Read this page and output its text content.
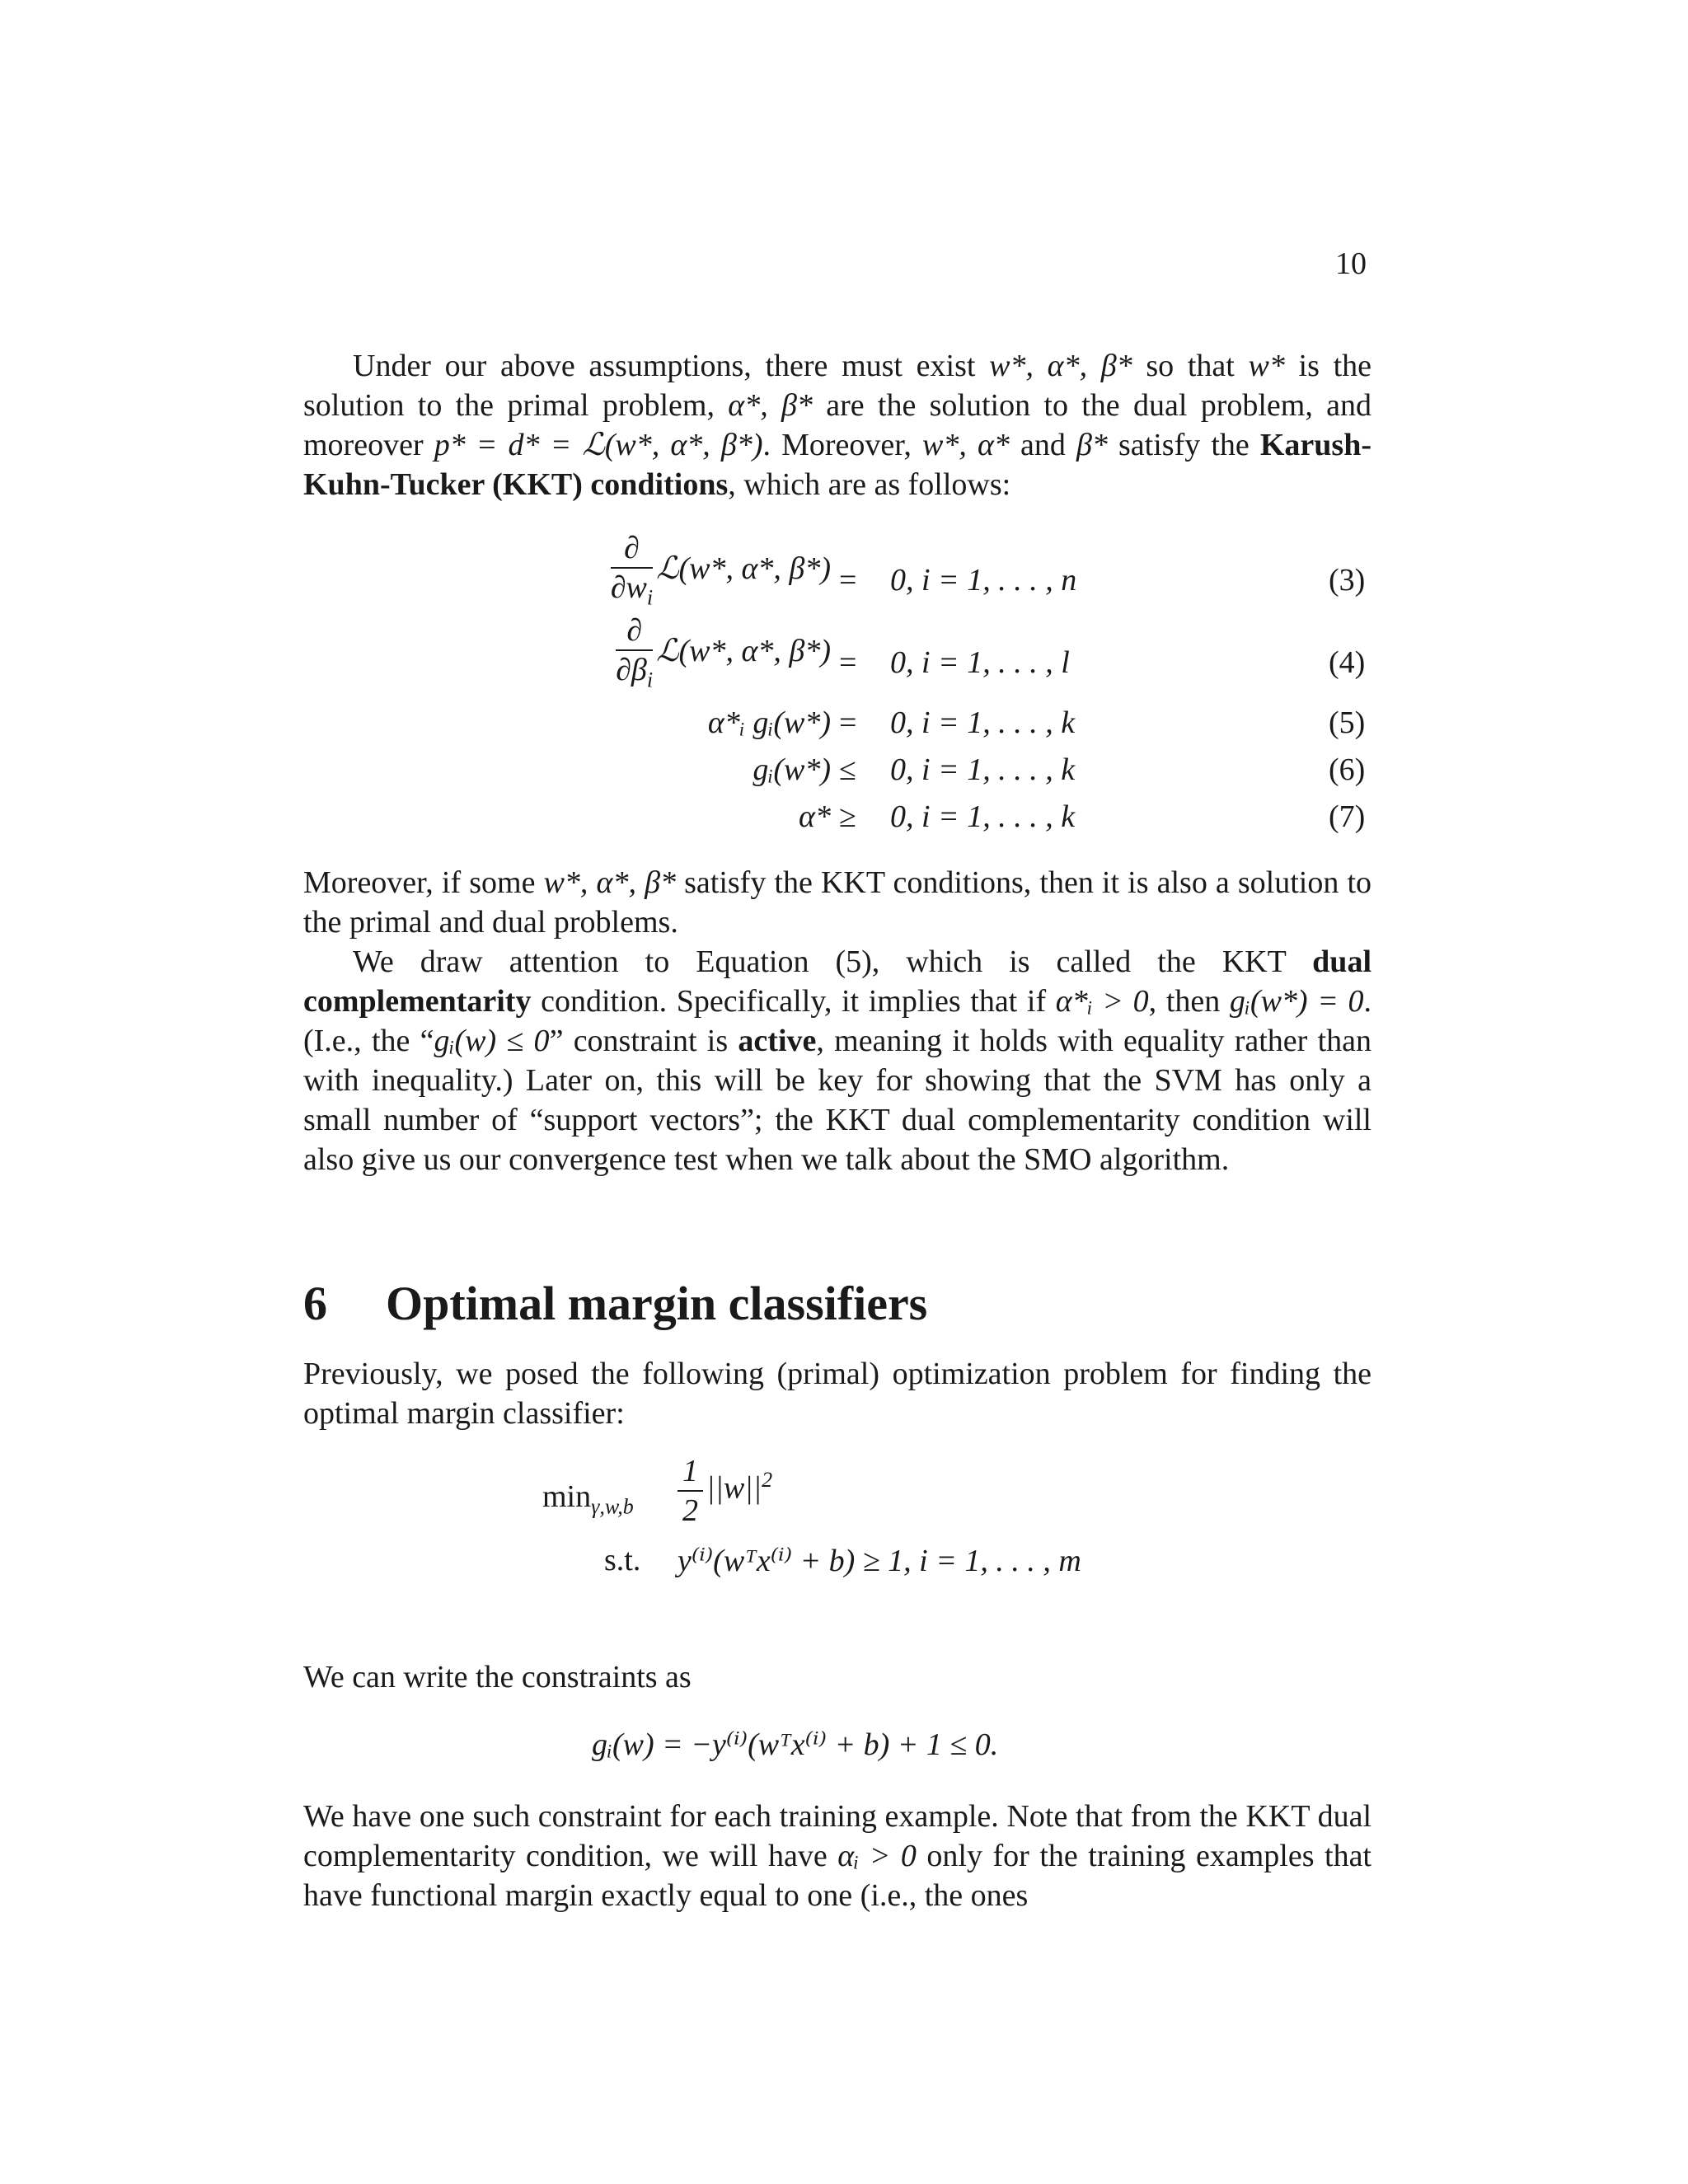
10
Under our above assumptions, there must exist w*, α*, β* so that w* is the solution to the primal problem, α*, β* are the solution to the dual problem, and moreover p* = d* = ℒ(w*, α*, β*). Moreover, w*, α* and β* satisfy the Karush-Kuhn-Tucker (KKT) conditions, which are as follows:
$\frac{\partial}{\partial w_i}$ ℒ(w*, α*, β*) = 0, i = 1, . . . , n	(3)
$\frac{\partial}{\partial\beta_i}$ ℒ(w*, α*, β*) = 0, i = 1, . . . , l	(4)
α*ᵢ gᵢ(w*) = 0, i = 1, . . . , k	(5)
gᵢ(w*) ≤ 0, i = 1, . . . , k	(6)
α* ≥ 0, i = 1, . . . , k	(7)
Moreover, if some w*, α*, β* satisfy the KKT conditions, then it is also a solution to the primal and dual problems.
We draw attention to Equation (5), which is called the KKT dual complementarity condition. Specifically, it implies that if α*ᵢ > 0, then gᵢ(w*) = 0. (I.e., the “gᵢ(w) ≤ 0” constraint is active, meaning it holds with equality rather than with inequality.) Later on, this will be key for showing that the SVM has only a small number of “support vectors”; the KKT dual complementarity condition will also give us our convergence test when we talk about the SMO algorithm.
6 Optimal margin classifiers
Previously, we posed the following (primal) optimization problem for finding the optimal margin classifier:
$\min_{\gamma,w,b} \frac{1}{2} ||w||^2$
s.t. y⁽ⁱ⁾(wᵀx⁽ⁱ⁾ + b) ≥ 1, i = 1, . . . , m
We can write the constraints as
gᵢ(w) = −y⁽ⁱ⁾(wᵀx⁽ⁱ⁾ + b) + 1 ≤ 0.
We have one such constraint for each training example. Note that from the KKT dual complementarity condition, we will have αᵢ > 0 only for the training examples that have functional margin exactly equal to one (i.e., the ones
